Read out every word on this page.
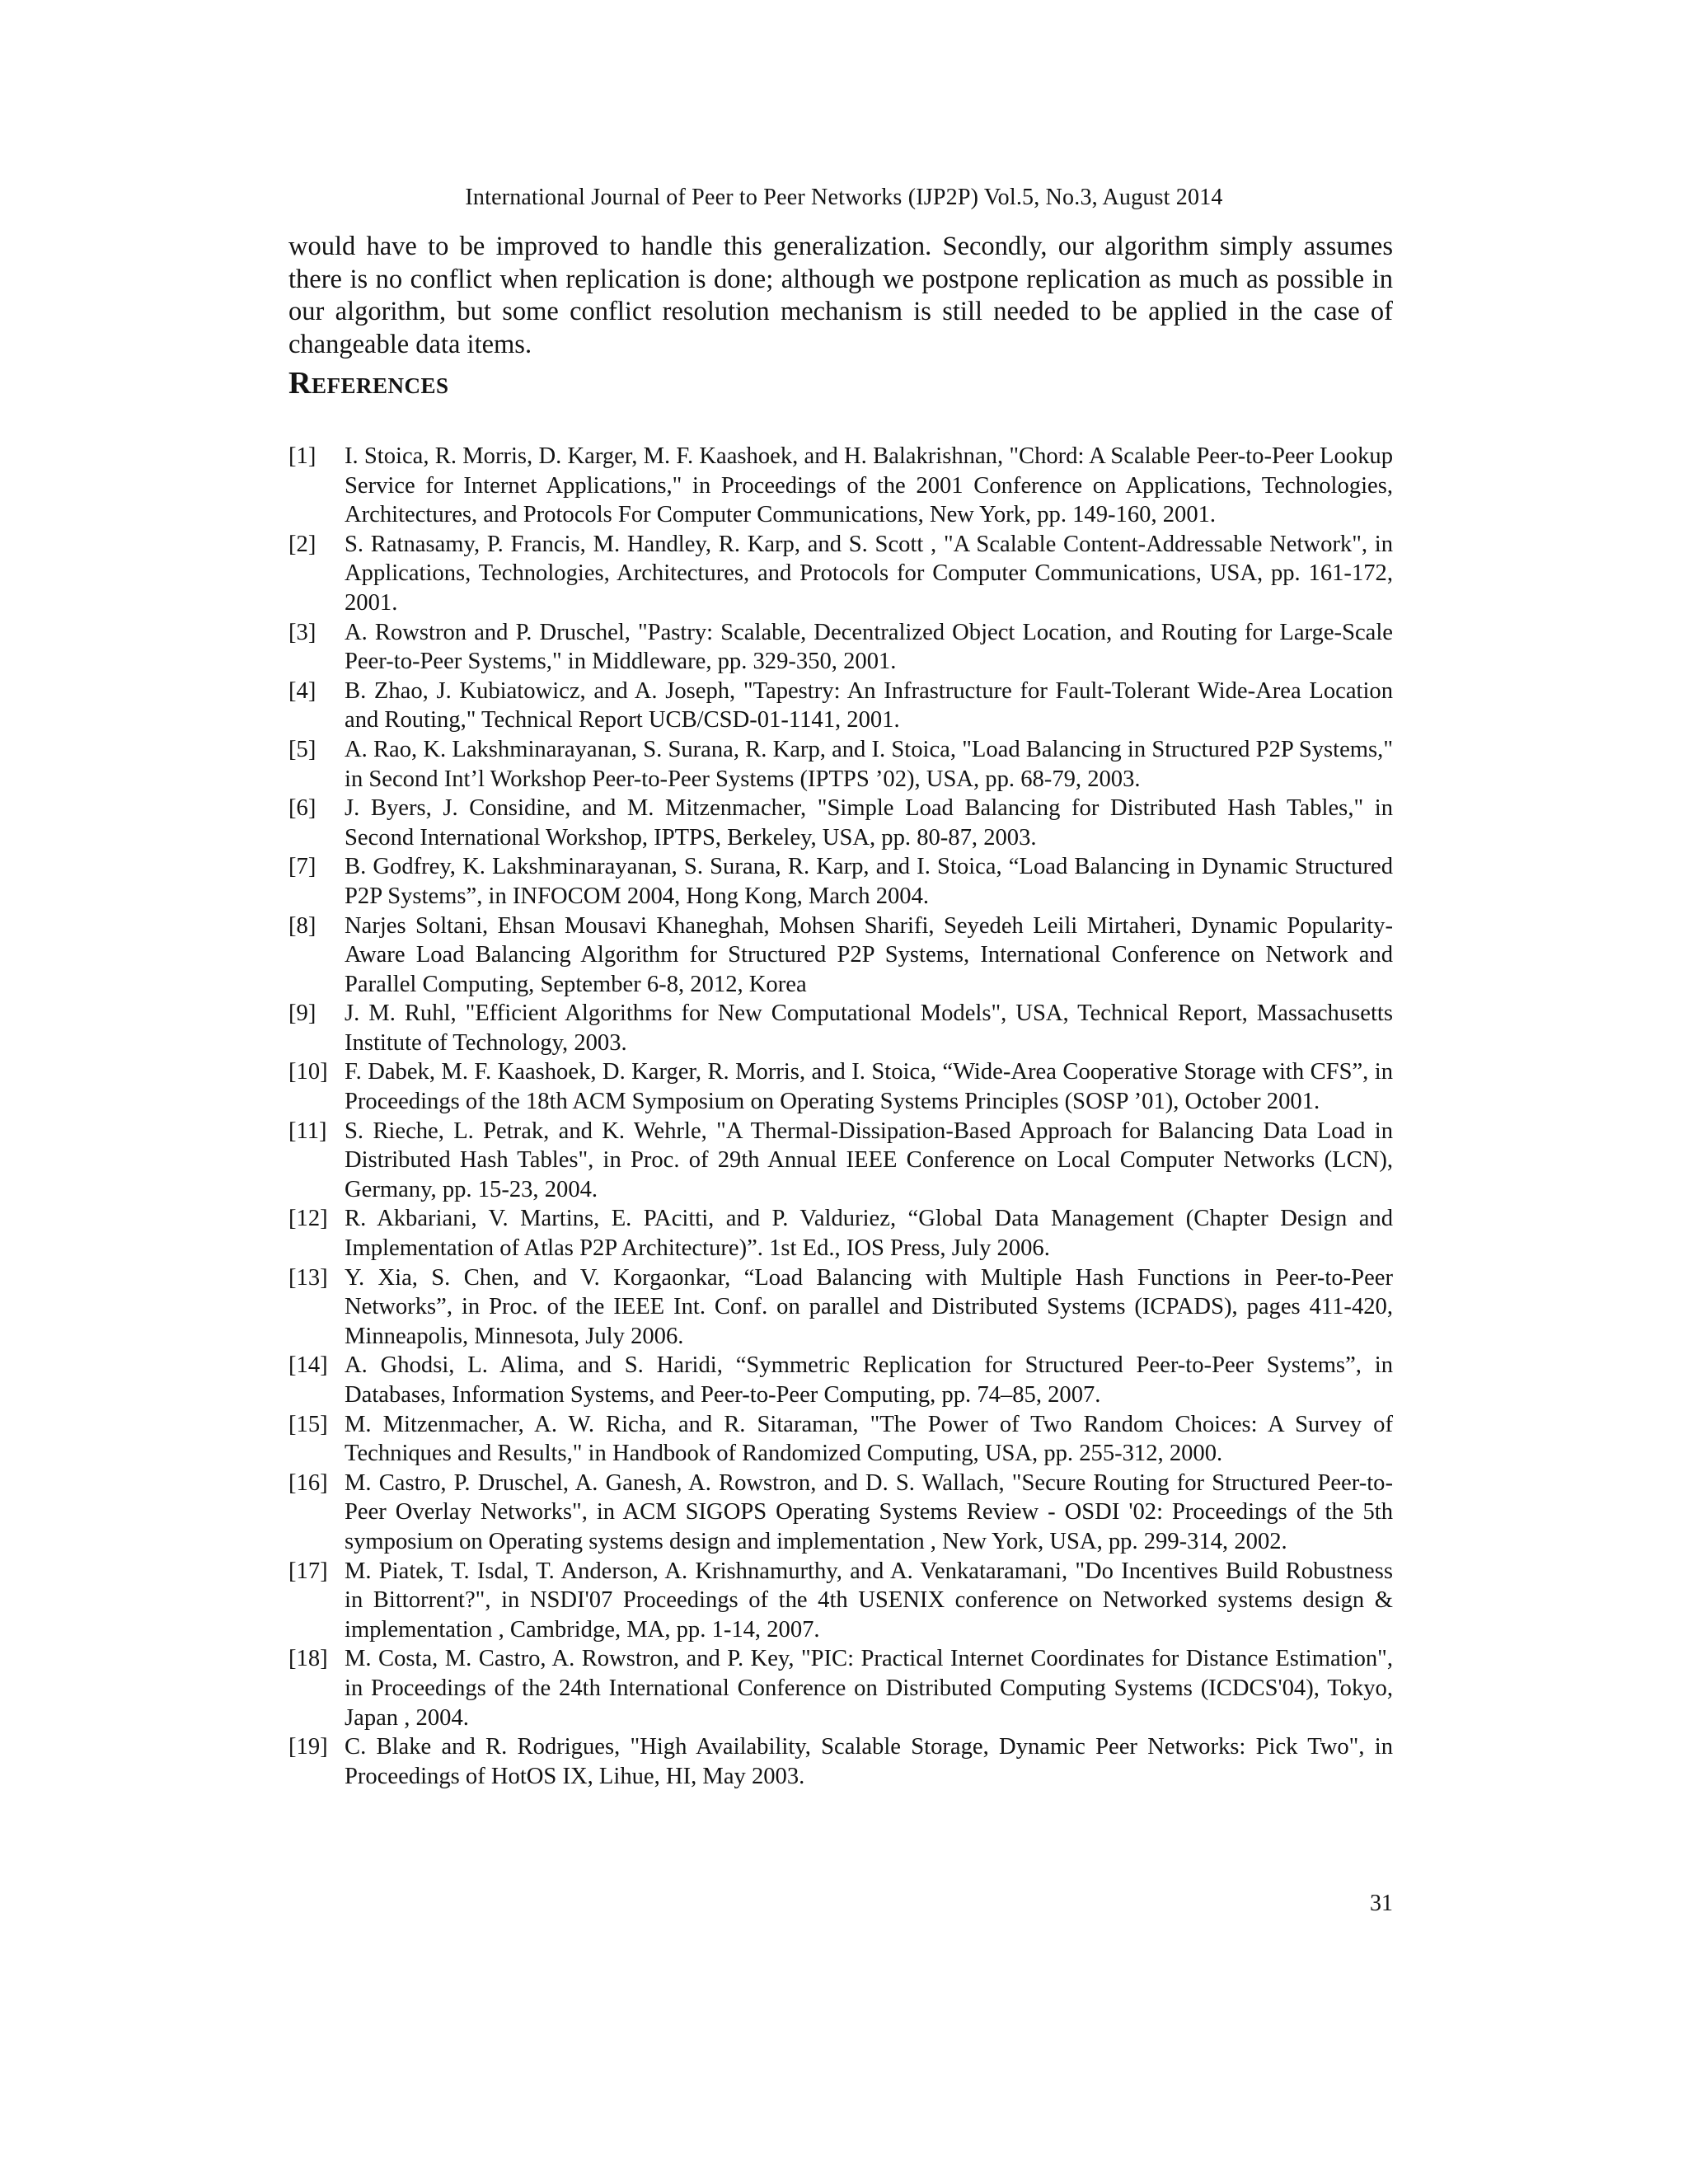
International Journal of Peer to Peer Networks (IJP2P) Vol.5, No.3, August 2014

would have to be improved to handle this generalization. Secondly, our algorithm simply assumes there is no conflict when replication is done; although we postpone replication as much as possible in our algorithm, but some conflict resolution mechanism is still needed to be applied in the case of changeable data items.

References
[1]	I. Stoica, R. Morris, D. Karger, M. F. Kaashoek, and H. Balakrishnan, "Chord: A Scalable Peer-to-Peer Lookup Service for Internet Applications," in Proceedings of the 2001 Conference on Applications, Technologies, Architectures, and Protocols For Computer Communications, New York, pp. 149-160, 2001.
[2]	S. Ratnasamy, P. Francis, M. Handley, R. Karp, and S. Scott , "A Scalable Content-Addressable Network", in Applications, Technologies, Architectures, and Protocols for Computer Communications, USA, pp. 161-172, 2001.
[3]	A. Rowstron and P. Druschel, "Pastry: Scalable, Decentralized Object Location, and Routing for Large-Scale Peer-to-Peer Systems," in Middleware, pp. 329-350, 2001.
[4]	B. Zhao, J. Kubiatowicz, and A. Joseph, "Tapestry: An Infrastructure for Fault-Tolerant Wide-Area Location and Routing," Technical Report UCB/CSD-01-1141, 2001.
[5]	A. Rao, K. Lakshminarayanan, S. Surana, R. Karp, and I. Stoica, "Load Balancing in Structured P2P Systems," in Second Int’l Workshop Peer-to-Peer Systems (IPTPS ’02), USA, pp. 68-79, 2003.
[6]	J. Byers, J. Considine, and M. Mitzenmacher, "Simple Load Balancing for Distributed Hash Tables," in Second International Workshop, IPTPS, Berkeley, USA, pp. 80-87, 2003.
[7]	B. Godfrey, K. Lakshminarayanan, S. Surana, R. Karp, and I. Stoica, “Load Balancing in Dynamic Structured P2P Systems”, in INFOCOM 2004, Hong Kong, March 2004.
[8]	Narjes Soltani, Ehsan Mousavi Khaneghah, Mohsen Sharifi, Seyedeh Leili Mirtaheri, Dynamic Popularity-Aware Load Balancing Algorithm for Structured P2P Systems, International Conference on Network and Parallel Computing, September 6-8, 2012, Korea
[9]	J. M. Ruhl, "Efficient Algorithms for New Computational Models", USA, Technical Report, Massachusetts Institute of Technology, 2003.
[10] F. Dabek, M. F. Kaashoek, D. Karger, R. Morris, and I. Stoica, “Wide-Area Cooperative Storage with CFS”, in Proceedings of the 18th ACM Symposium on Operating Systems Principles (SOSP ’01), October 2001.
[11] S. Rieche, L. Petrak, and K. Wehrle, "A Thermal-Dissipation-Based Approach for Balancing Data Load in Distributed Hash Tables", in Proc. of 29th Annual IEEE Conference on Local Computer Networks (LCN), Germany, pp. 15-23, 2004.
[12] R. Akbariani, V. Martins, E. PAcitti, and P. Valduriez, “Global Data Management (Chapter Design and Implementation of Atlas P2P Architecture)”. 1st Ed., IOS Press, July 2006.
[13] Y. Xia, S. Chen, and V. Korgaonkar, “Load Balancing with Multiple Hash Functions in Peer-to-Peer Networks”, in Proc. of the IEEE Int. Conf. on parallel and Distributed Systems (ICPADS), pages 411-420, Minneapolis, Minnesota, July 2006.
[14] A. Ghodsi, L. Alima, and S. Haridi, “Symmetric Replication for Structured Peer-to-Peer Systems”, in Databases, Information Systems, and Peer-to-Peer Computing, pp. 74–85, 2007.
[15] M. Mitzenmacher, A. W. Richa, and R. Sitaraman, "The Power of Two Random Choices: A Survey of Techniques and Results," in Handbook of Randomized Computing, USA, pp. 255-312, 2000.
[16] M. Castro, P. Druschel, A. Ganesh, A. Rowstron, and D. S. Wallach, "Secure Routing for Structured Peer-to-Peer Overlay Networks", in ACM SIGOPS Operating Systems Review - OSDI '02: Proceedings of the 5th symposium on Operating systems design and implementation , New York, USA, pp. 299-314, 2002.
[17] M. Piatek, T. Isdal, T. Anderson, A. Krishnamurthy, and A. Venkataramani, "Do Incentives Build Robustness in Bittorrent?", in NSDI'07 Proceedings of the 4th USENIX conference on Networked systems design & implementation , Cambridge, MA, pp. 1-14, 2007.
[18] M. Costa, M. Castro, A. Rowstron, and P. Key, "PIC: Practical Internet Coordinates for Distance Estimation", in Proceedings of the 24th International Conference on Distributed Computing Systems (ICDCS'04), Tokyo, Japan , 2004.
[19] C. Blake and R. Rodrigues, "High Availability, Scalable Storage, Dynamic Peer Networks: Pick Two", in Proceedings of HotOS IX, Lihue, HI, May 2003.
31
